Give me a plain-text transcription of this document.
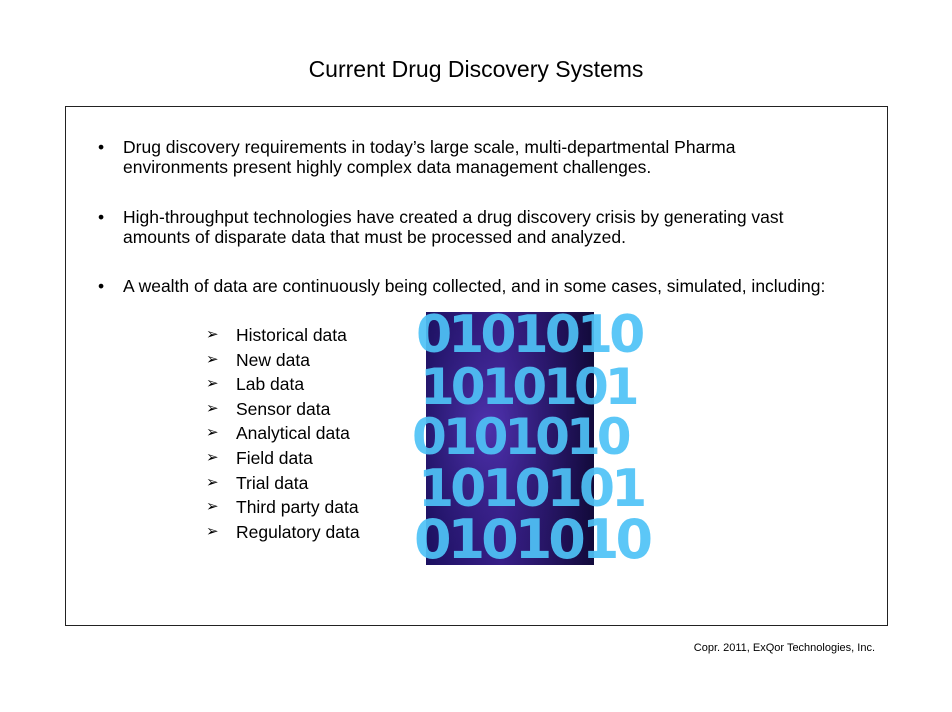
Current Drug Discovery Systems
•	Drug discovery requirements in today’s large scale, multi-departmental Pharma
environments present highly complex data management challenges.
•	High-throughput technologies have created a drug discovery crisis by generating vast
amounts of disparate data that must be processed and analyzed.
•	A wealth of data are continuously being collected, and in some cases, simulated, including:
➢ Historical data
➢ New data
➢ Lab data
➢ Sensor data
➢ Analytical data
➢ Field data
➢ Trial data
➢ Third party data
➢ Regulatory data
0101010
1010101
0101010
1010101
0101010
Copr. 2011, ExQor Technologies, Inc.
